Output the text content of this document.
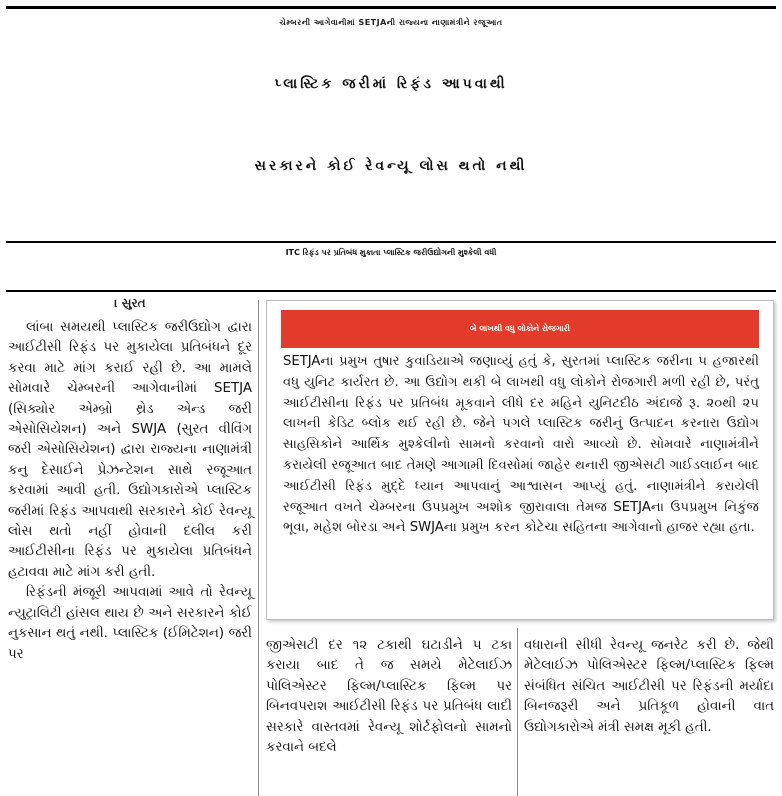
ચેમ્બરની આગેવાનીમાં SETJAની રાજ્યના નાણામંત્રીને રજૂઆત
પ્લાસ્ટિક જરીમાં રિફંડ આપવાથી
સરકારને કોઈ રેવન્યૂ લોસ થતો નથી
ITC રિફંડ પર પ્રતિબંધ મુકાતા પ્લાસ્ટિક જરીઉદ્યોગની મુશ્કેલી વધી
। સુરત

લાંબા સમયથી પ્લાસ્ટિક જરીઉદ્યોગ દ્વારા આઈટીસી રિફંડ પર મુકાયેલા પ્રતિબંધને દૂર કરવા માટે માંગ કરાઈ રહી છે. આ મામલે સોમવારે ચેમ્બરની આગેવાનીમાં SETJA (સિક્યોર એમ્બ્રો થ્રેડ એન્ડ જરી એસોસિયેશન) અને SWJA (સુરત વીવિંગ જરી એસોસિયેશન) દ્વારા રાજ્યના નાણામંત્રી કનુ દેસાઈને પ્રેઝન્ટેશન સાથે રજૂઆત કરવામાં આવી હતી. ઉદ્યોગકારોએ પ્લાસ્ટિક જરીમાં રિફંડ આપવાથી સરકારને કોઈ રેવન્યૂ લોસ થતો નહીં હોવાની દલીલ કરી આઈટીસીના રિફંડ પર મુકાયેલા પ્રતિબંધને હટાવવા માટે માંગ કરી હતી.

રિફંડની મંજૂરી આપવામાં આવે તો રેવન્યૂ ન્યુટ્રાલિટી હાંસલ થાય છે અને સરકારને કોઈ નુકસાન થતું નથી. પ્લાસ્ટિક (ઈમિટેશન) જરી પર

બે લાખથી વધુ લોકોને રોજગારી

SETJAના પ્રમુખ તુષાર કુવાડિયાએ જણાવ્યું હતું કે, સુરતમાં પ્લાસ્ટિક જરીના ૫ હજારથી વધુ યુનિટ કાર્યરત છે. આ ઉદ્યોગ થકી બે લાખથી વધુ લોકોને રોજગારી મળી રહી છે, પરંતુ આઈટીસીના રિફંડ પર પ્રતિબંધ મૂકવાને લીધે દર મહિને યુનિટદીઠ અંદાજે રૂ. ૨૦થી ૨૫ લાખની કેડિટ બ્લોક થઈ રહી છે. જેને પગલે પ્લાસ્ટિક જરીનું ઉત્પાદન કરનારા ઉદ્યોગ સાહસિકોને આર્થિક મુશ્કેલીનો સામનો કરવાનો વારો આવ્યો છે. સોમવારે નાણામંત્રીને કરાયેલી રજૂઆત બાદ તેમણે આગામી દિવસોમાં જાહેર થનારી જીએસટી ગાઈડલાઈન બાદ આઈટીસી રિફંડ મુદ્દે ધ્યાન આપવાનું આશ્વાસન આપ્યું હતું. નાણામંત્રીને કરાયેલી રજૂઆત વખતે ચેમ્બરના ઉપપ્રમુખ અશોક જીરાવાલા તેમજ SETJAના ઉપપ્રમુખ નિકુંજ ભૂવા, મહેશ બોરડા અને SWJAના પ્રમુખ કરન કોટેચા સહિતના આગેવાનો હાજર રહ્યા હતા.

જીએસટી દર ૧૨ ટકાથી ઘટાડીને ૫ ટકા કરાયા બાદ તે જ સમયે મેટેલાઈઝ પોલિએસ્ટર ફિલ્મ/પ્લાસ્ટિક ફિલ્મ પર બિનવપરાશ આઈટીસી રિફંડ પર પ્રતિબંધ લાદી સરકારે વાસ્તવમાં રેવન્યૂ શોર્ટફોલનો સામનો કરવાને બદલે

વધારાની સીધી રેવન્યૂ જનરેટ કરી છે. જેથી મેટેલાઈઝ પોલિએસ્ટર ફિલ્મ/પ્લાસ્ટિક ફિલ્મ સંબંધિત સંચિત આઈટીસી પર રિફંડની મર્યાદા બિનજરૂરી અને પ્રતિકૂળ હોવાની વાત ઉદ્યોગકારોએ મંત્રી સમક્ષ મૂકી હતી.
